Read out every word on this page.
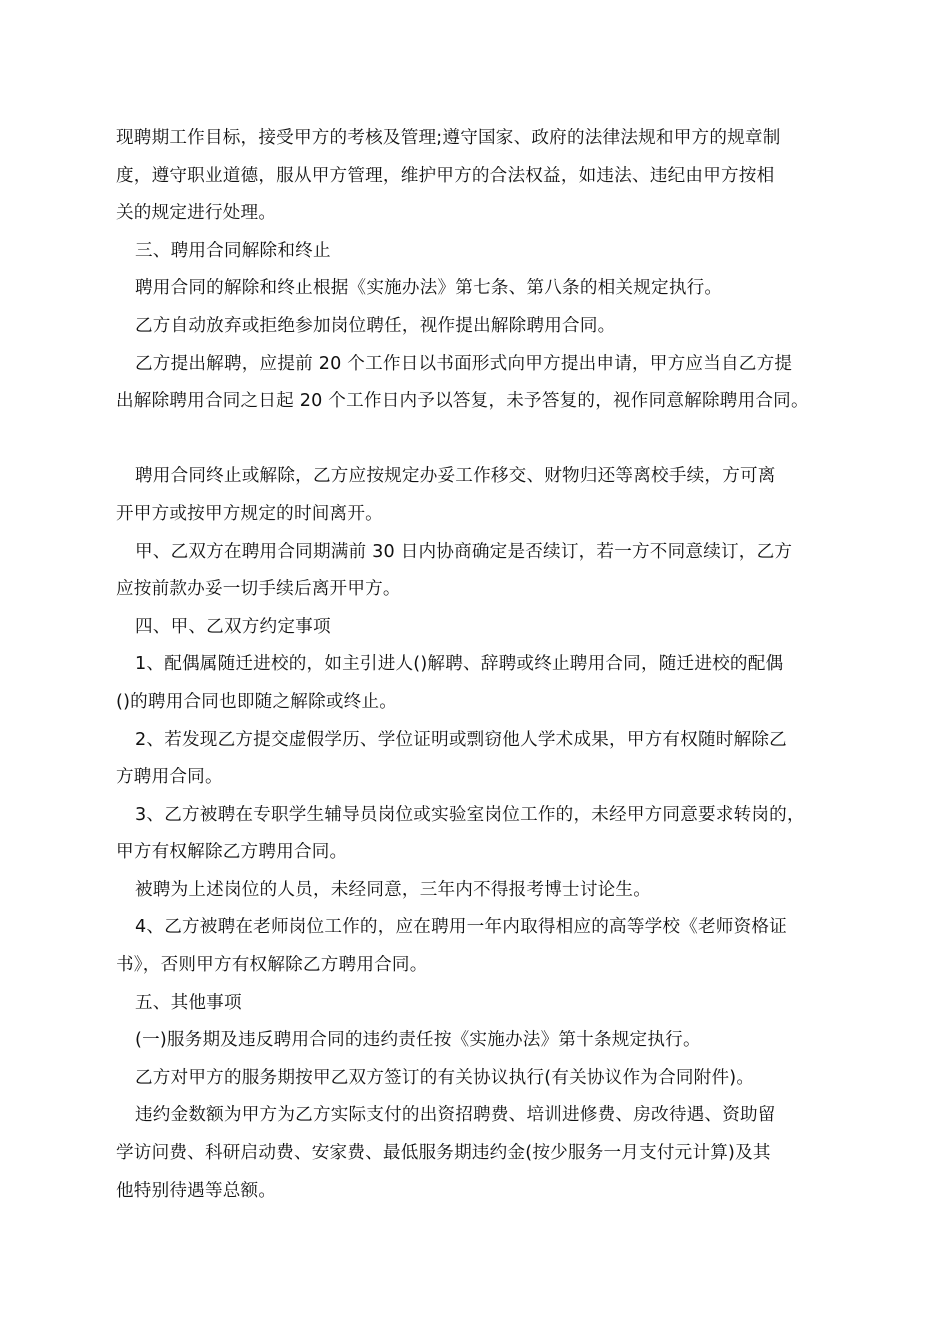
现聘期工作目标，接受甲方的考核及管理;遵守国家、政府的法律法规和甲方的规章制
度，遵守职业道德，服从甲方管理，维护甲方的合法权益，如违法、违纪由甲方按相
关的规定进行处理。
三、聘用合同解除和终止
聘用合同的解除和终止根据《实施办法》第七条、第八条的相关规定执行。
乙方自动放弃或拒绝参加岗位聘任，视作提出解除聘用合同。
乙方提出解聘，应提前 20 个工作日以书面形式向甲方提出申请，甲方应当自乙方提
出解除聘用合同之日起 20 个工作日内予以答复，未予答复的，视作同意解除聘用合同。
聘用合同终止或解除，乙方应按规定办妥工作移交、财物归还等离校手续，方可离
开甲方或按甲方规定的时间离开。
甲、乙双方在聘用合同期满前 30 日内协商确定是否续订，若一方不同意续订，乙方
应按前款办妥一切手续后离开甲方。
四、甲、乙双方约定事项
1、配偶属随迁进校的，如主引进人()解聘、辞聘或终止聘用合同，随迁进校的配偶
()的聘用合同也即随之解除或终止。
2、若发现乙方提交虚假学历、学位证明或剽窃他人学术成果，甲方有权随时解除乙
方聘用合同。
3、乙方被聘在专职学生辅导员岗位或实验室岗位工作的，未经甲方同意要求转岗的，
甲方有权解除乙方聘用合同。
被聘为上述岗位的人员，未经同意，三年内不得报考博士讨论生。
4、乙方被聘在老师岗位工作的，应在聘用一年内取得相应的高等学校《老师资格证
书》，否则甲方有权解除乙方聘用合同。
五、其他事项
(一)服务期及违反聘用合同的违约责任按《实施办法》第十条规定执行。
乙方对甲方的服务期按甲乙双方签订的有关协议执行(有关协议作为合同附件)。
违约金数额为甲方为乙方实际支付的出资招聘费、培训进修费、房改待遇、资助留
学访问费、科研启动费、安家费、最低服务期违约金(按少服务一月支付元计算)及其
他特别待遇等总额。
